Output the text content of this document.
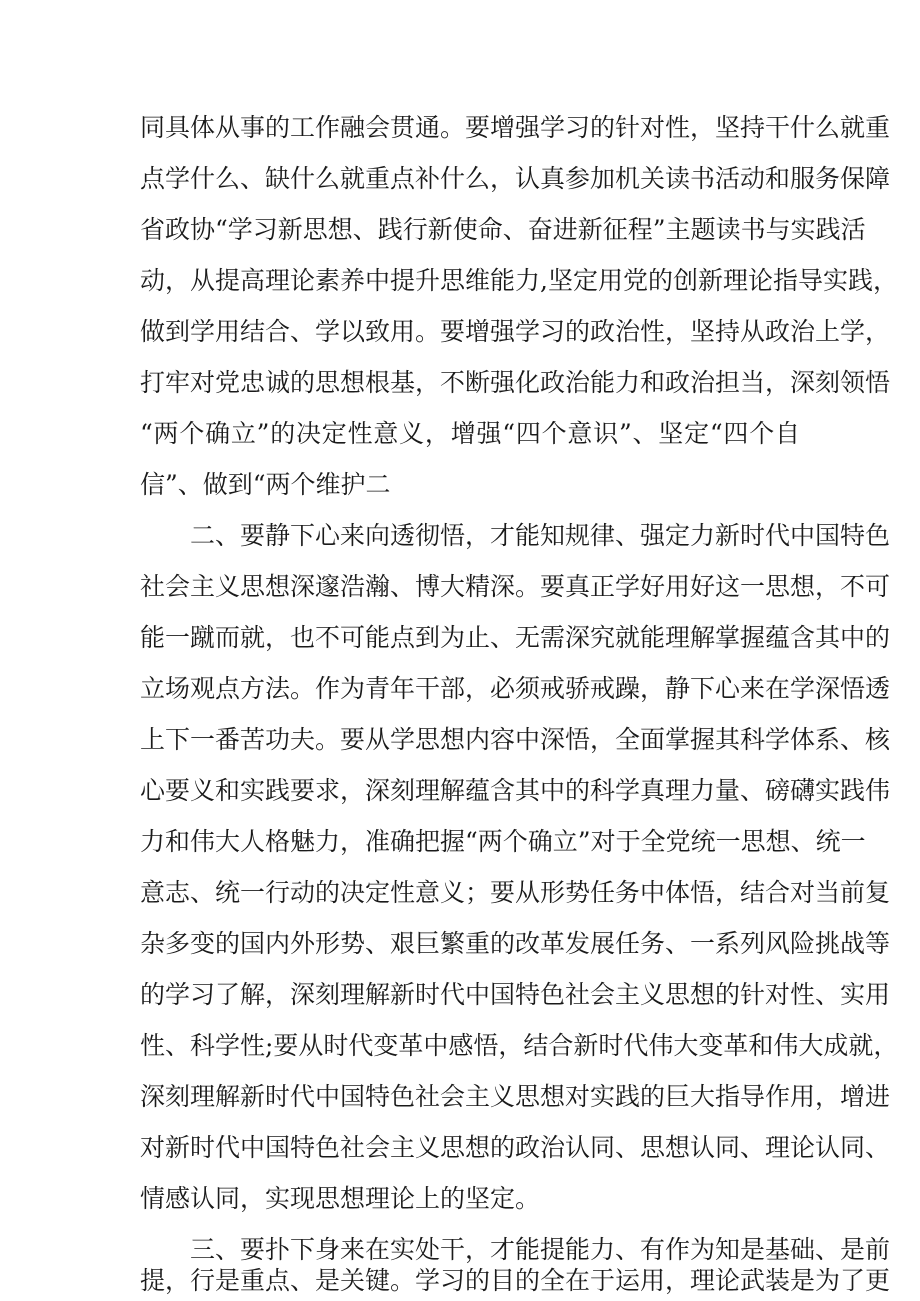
同具体从事的工作融会贯通。要增强学习的针对性，坚持干什么就重
点学什么、缺什么就重点补什么，认真参加机关读书活动和服务保障
省政协“学习新思想、践行新使命、奋进新征程”主题读书与实践活
动，从提高理论素养中提升思维能力,坚定用党的创新理论指导实践，
做到学用结合、学以致用。要增强学习的政治性，坚持从政治上学，
打牢对党忠诚的思想根基，不断强化政治能力和政治担当，深刻领悟
“两个确立”的决定性意义，增强“四个意识”、坚定“四个自
信”、做到“两个维护二
二、要静下心来向透彻悟，才能知规律、强定力新时代中国特色
社会主义思想深邃浩瀚、博大精深。要真正学好用好这一思想，不可
能一蹴而就，也不可能点到为止、无需深究就能理解掌握蕴含其中的
立场观点方法。作为青年干部，必须戒骄戒躁，静下心来在学深悟透
上下一番苦功夫。要从学思想内容中深悟，全面掌握其科学体系、核
心要义和实践要求，深刻理解蕴含其中的科学真理力量、磅礴实践伟
力和伟大人格魅力，准确把握“两个确立”对于全党统一思想、统一
意志、统一行动的决定性意义；要从形势任务中体悟，结合对当前复
杂多变的国内外形势、艰巨繁重的改革发展任务、一系列风险挑战等
的学习了解，深刻理解新时代中国特色社会主义思想的针对性、实用
性、科学性;要从时代变革中感悟，结合新时代伟大变革和伟大成就，
深刻理解新时代中国特色社会主义思想对实践的巨大指导作用，增进
对新时代中国特色社会主义思想的政治认同、思想认同、理论认同、
情感认同，实现思想理论上的坚定。
三、要扑下身来在实处干，才能提能力、有作为知是基础、是前
提，行是重点、是关键。学习的目的全在于运用，理论武装是为了更
